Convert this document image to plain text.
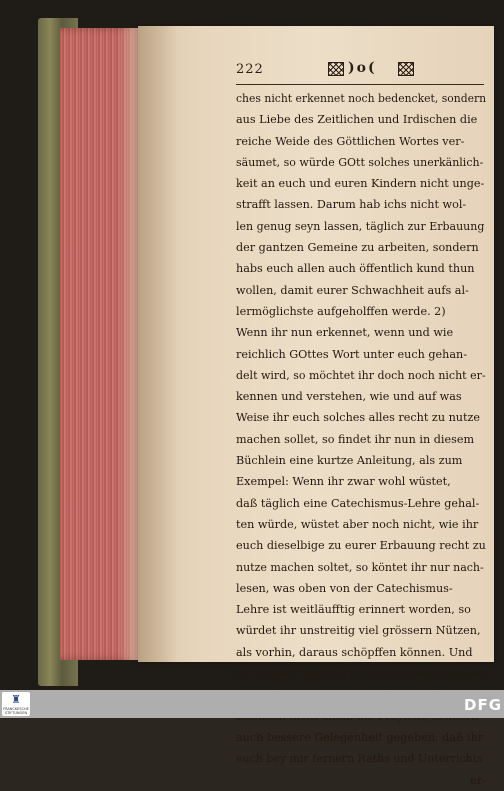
222	)o(
ches nicht erkennet noch bedencket, sondern
aus Liebe des Zeitlichen und Irdischen die
reiche Weide des Göttlichen Wortes ver-
säumet, so würde GOtt solches unerkänlich-
keit an euch und euren Kindern nicht unge-
strafft lassen. Darum hab ichs nicht wol-
len genug seyn lassen, täglich zur Erbauung
der gantzen Gemeine zu arbeiten, sondern
habs euch allen auch öffentlich kund thun
wollen, damit eurer Schwachheit aufs al-
lermöglichste aufgeholffen werde. 2)
Wenn ihr nun erkennet, wenn und wie
reichlich GOttes Wort unter euch gehan-
delt wird, so möchtet ihr doch noch nicht er-
kennen und verstehen, wie und auf was
Weise ihr euch solches alles recht zu nutze
machen sollet, so findet ihr nun in diesem
Büchlein eine kurtze Anleitung, als zum
Exempel: Wenn ihr zwar wohl wüstet,
daß täglich eine Catechismus-Lehre gehal-
ten würde, wüstet aber noch nicht, wie ihr
euch dieselbige zu eurer Erbauung recht zu
nutze machen soltet, so köntet ihr nur nach-
lesen, was oben von der Catechismus-
Lehre ist weitläufftig erinnert worden, so
würdet ihr unstreitig viel grössern Nützen,
als vorhin, daraus schöpffen können. Und
so ihr denn auch 3) euch noch nicht in alles
auch bessere Gelegenheit gegeben, daß ihr
euch bey mir fernern Raths und Unterrichts
er-
♜
FRANCKESCHE STIFTUNGEN	DFG
